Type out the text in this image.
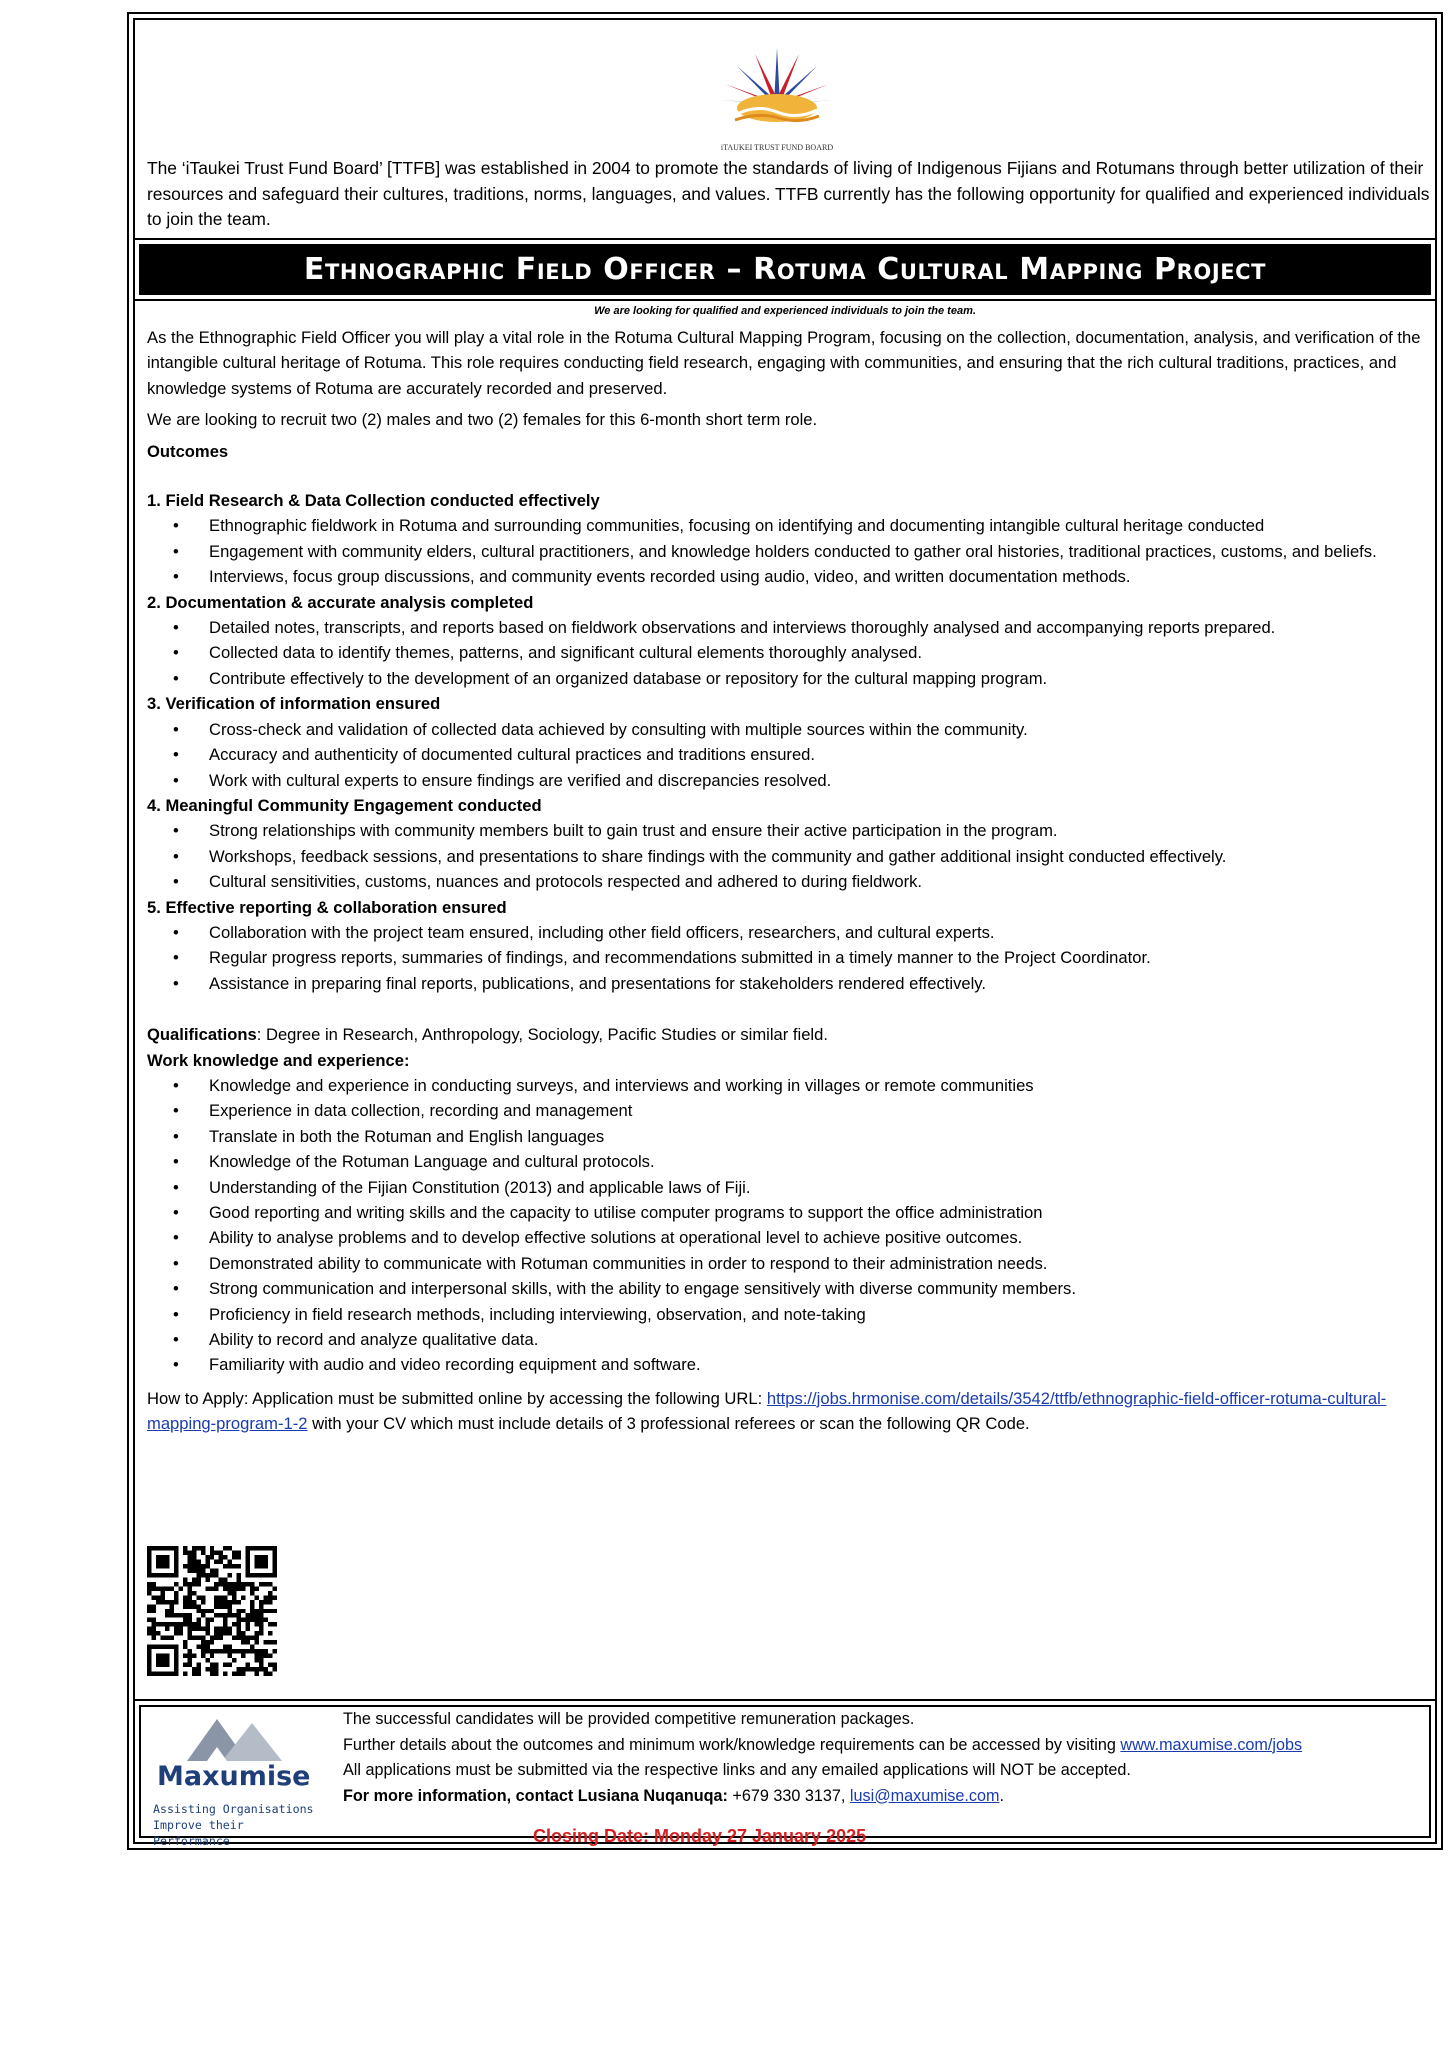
iTAUKEI TRUST FUND BOARD

The ‘iTaukei Trust Fund Board’ [TTFB] was established in 2004 to promote the standards of living of Indigenous Fijians and Rotumans through better utilization of their resources and safeguard their cultures, traditions, norms, languages, and values. TTFB currently has the following opportunity for qualified and experienced individuals to join the team.

Ethnographic Field Officer – Rotuma Cultural Mapping Project
We are looking for qualified and experienced individuals to join the team.

As the Ethnographic Field Officer you will play a vital role in the Rotuma Cultural Mapping Program, focusing on the collection, documentation, analysis, and verification of the intangible cultural heritage of Rotuma. This role requires conducting field research, engaging with communities, and ensuring that the rich cultural traditions, practices, and knowledge systems of Rotuma are accurately recorded and preserved.

We are looking to recruit two (2) males and two (2) females for this 6-month short term role.

Outcomes

1. Field Research & Data Collection conducted effectively

• Ethnographic fieldwork in Rotuma and surrounding communities, focusing on identifying and documenting intangible cultural heritage conducted
• Engagement with community elders, cultural practitioners, and knowledge holders conducted to gather oral histories, traditional practices, customs, and beliefs.
• Interviews, focus group discussions, and community events recorded using audio, video, and written documentation methods.

2. Documentation & accurate analysis completed

• Detailed notes, transcripts, and reports based on fieldwork observations and interviews thoroughly analysed and accompanying reports prepared.
• Collected data to identify themes, patterns, and significant cultural elements thoroughly analysed.
• Contribute effectively to the development of an organized database or repository for the cultural mapping program.

3. Verification of information ensured

• Cross-check and validation of collected data achieved by consulting with multiple sources within the community.
• Accuracy and authenticity of documented cultural practices and traditions ensured.
• Work with cultural experts to ensure findings are verified and discrepancies resolved.

4. Meaningful Community Engagement conducted

• Strong relationships with community members built to gain trust and ensure their active participation in the program.
• Workshops, feedback sessions, and presentations to share findings with the community and gather additional insight conducted effectively.
• Cultural sensitivities, customs, nuances and protocols respected and adhered to during fieldwork.

5. Effective reporting & collaboration ensured

• Collaboration with the project team ensured, including other field officers, researchers, and cultural experts.
• Regular progress reports, summaries of findings, and recommendations submitted in a timely manner to the Project Coordinator.
• Assistance in preparing final reports, publications, and presentations for stakeholders rendered effectively.

Qualifications: Degree in Research, Anthropology, Sociology, Pacific Studies or similar field.

Work knowledge and experience:

• Knowledge and experience in conducting surveys, and interviews and working in villages or remote communities
• Experience in data collection, recording and management
• Translate in both the Rotuman and English languages
• Knowledge of the Rotuman Language and cultural protocols.
• Understanding of the Fijian Constitution (2013) and applicable laws of Fiji.
• Good reporting and writing skills and the capacity to utilise computer programs to support the office administration
• Ability to analyse problems and to develop effective solutions at operational level to achieve positive outcomes.
• Demonstrated ability to communicate with Rotuman communities in order to respond to their administration needs.
• Strong communication and interpersonal skills, with the ability to engage sensitively with diverse community members.
• Proficiency in field research methods, including interviewing, observation, and note-taking
• Ability to record and analyze qualitative data.
• Familiarity with audio and video recording equipment and software.

How to Apply: Application must be submitted online by accessing the following URL: https://jobs.hrmonise.com/details/3542/ttfb/ethnographic-field-officer-rotuma-cultural-mapping-program-1-2 with your CV which must include details of 3 professional referees or scan the following QR Code.

Maxumise
Assisting Organisations
Improve their Performance
The successful candidates will be provided competitive remuneration packages.
Further details about the outcomes and minimum work/knowledge requirements can be accessed by visiting www.maxumise.com/jobs
All applications must be submitted via the respective links and any emailed applications will NOT be accepted.
For more information, contact Lusiana Nuqanuqa: +679 330 3137, lusi@maxumise.com.
Closing Date: Monday 27 January 2025
